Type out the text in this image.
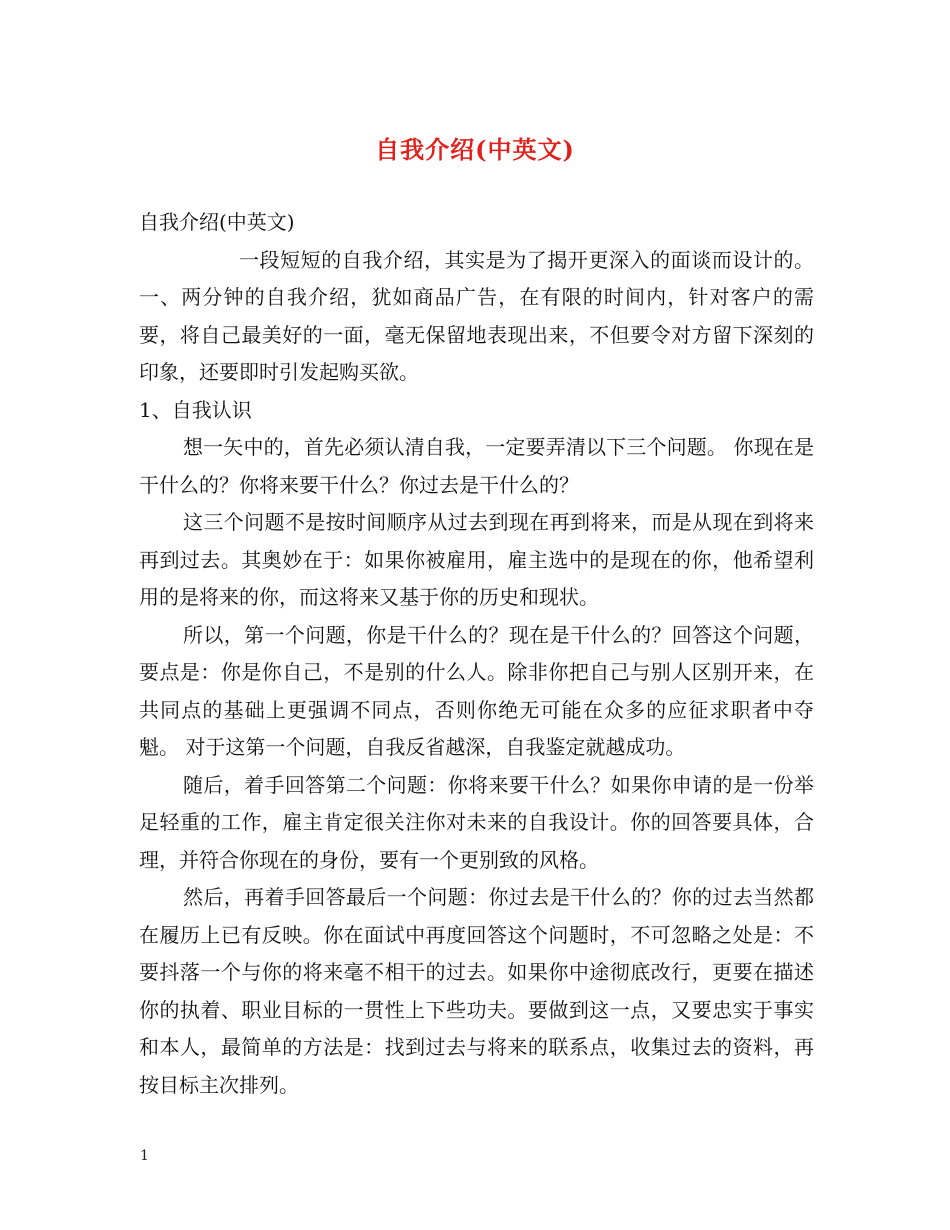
自我介绍(中英文)

自我介绍(中英文)

一段短短的自我介绍，其实是为了揭开更深入的面谈而设计的。一、两分钟的自我介绍，犹如商品广告，在有限的时间内，针对客户的需要，将自己最美好的一面，毫无保留地表现出来，不但要令对方留下深刻的印象，还要即时引发起购买欲。

1、自我认识

想一矢中的，首先必须认清自我，一定要弄清以下三个问题。 你现在是干什么的？你将来要干什么？你过去是干什么的？

这三个问题不是按时间顺序从过去到现在再到将来，而是从现在到将来再到过去。其奥妙在于：如果你被雇用，雇主选中的是现在的你，他希望利用的是将来的你，而这将来又基于你的历史和现状。

所以，第一个问题，你是干什么的？现在是干什么的？回答这个问题，要点是：你是你自己，不是别的什么人。除非你把自己与别人区别开来，在共同点的基础上更强调不同点，否则你绝无可能在众多的应征求职者中夺魁。 对于这第一个问题，自我反省越深，自我鉴定就越成功。

随后，着手回答第二个问题：你将来要干什么？如果你申请的是一份举足轻重的工作，雇主肯定很关注你对未来的自我设计。你的回答要具体，合理，并符合你现在的身份，要有一个更别致的风格。

然后，再着手回答最后一个问题：你过去是干什么的？你的过去当然都在履历上已有反映。你在面试中再度回答这个问题时，不可忽略之处是：不要抖落一个与你的将来毫不相干的过去。如果你中途彻底改行，更要在描述你的执着、职业目标的一贯性上下些功夫。要做到这一点，又要忠实于事实和本人，最简单的方法是：找到过去与将来的联系点，收集过去的资料，再按目标主次排列。

1
